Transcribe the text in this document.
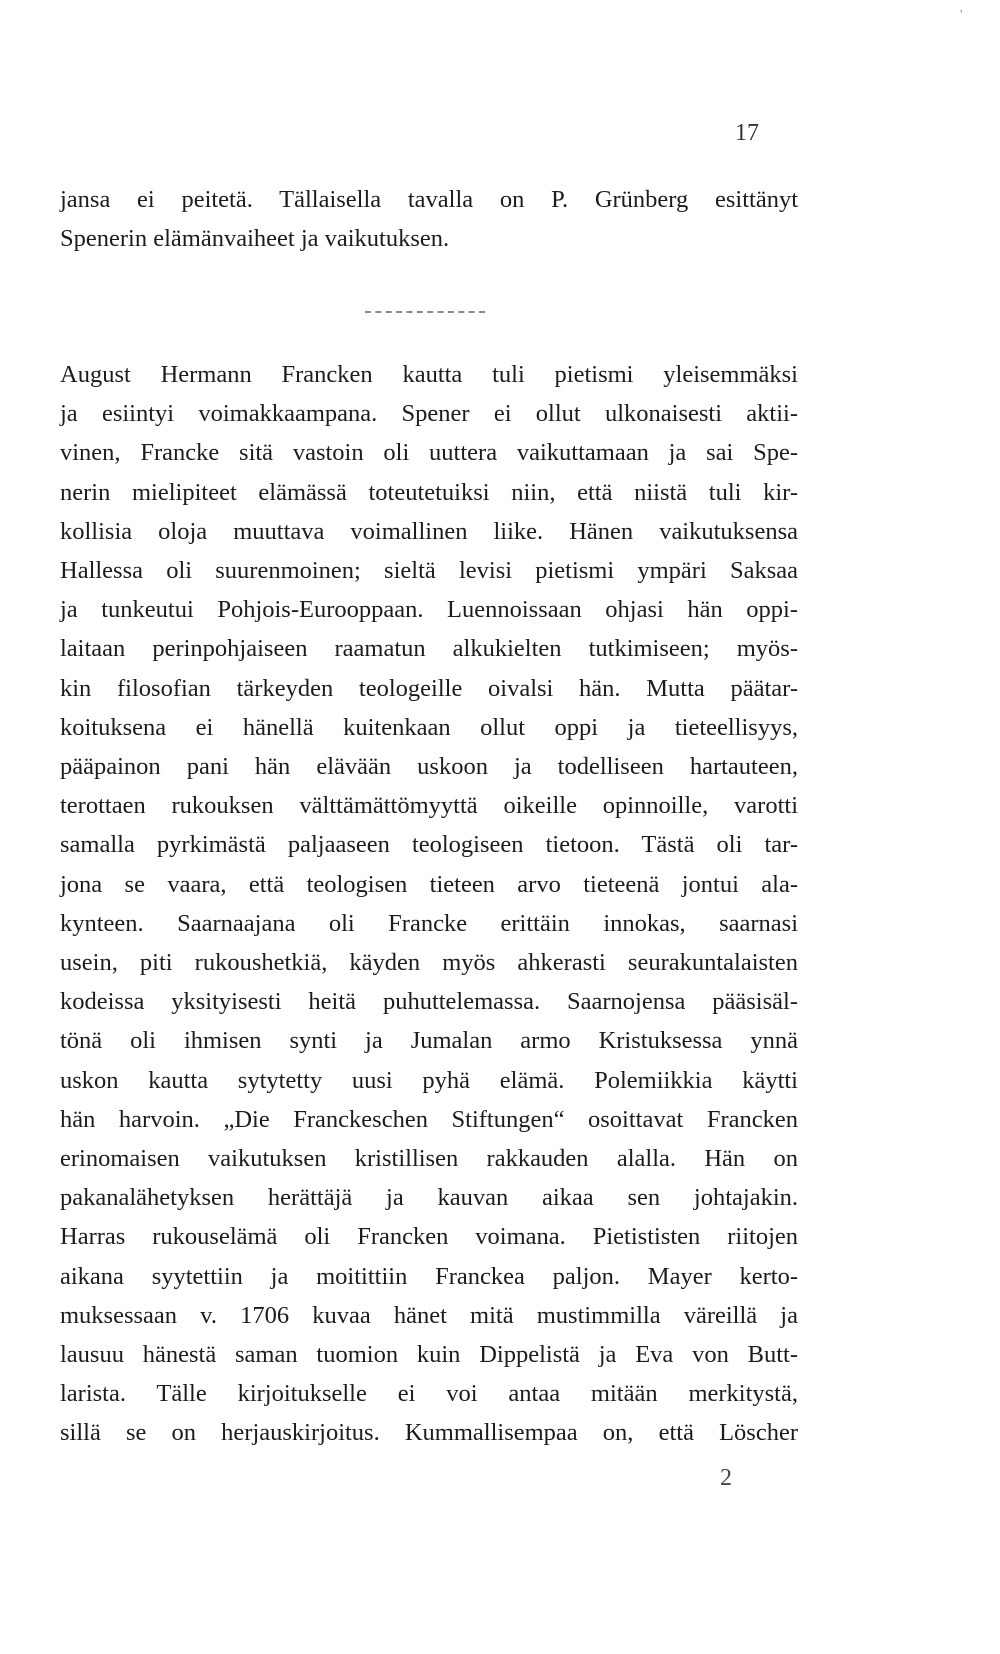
'
17

jansa ei peitetä. Tällaisella tavalla on P. Grünberg esittänyt
Spenerin elämänvaiheet ja vaikutuksen.

August Hermann Francken kautta tuli pietismi yleisemmäksi
ja esiintyi voimakkaampana. Spener ei ollut ulkonaisesti aktii-
vinen, Francke sitä vastoin oli uuttera vaikuttamaan ja sai Spe-
nerin mielipiteet elämässä toteutetuiksi niin, että niistä tuli kir-
kollisia oloja muuttava voimallinen liike. Hänen vaikutuksensa
Hallessa oli suurenmoinen; sieltä levisi pietismi ympäri Saksaa
ja tunkeutui Pohjois-Eurooppaan. Luennoissaan ohjasi hän oppi-
laitaan perinpohjaiseen raamatun alkukielten tutkimiseen; myös-
kin filosofian tärkeyden teologeille oivalsi hän. Mutta päätar-
koituksena ei hänellä kuitenkaan ollut oppi ja tieteellisyys,
pääpainon pani hän elävään uskoon ja todelliseen hartauteen,
terottaen rukouksen välttämättömyyttä oikeille opinnoille, varotti
samalla pyrkimästä paljaaseen teologiseen tietoon. Tästä oli tar-
jona se vaara, että teologisen tieteen arvo tieteenä jontui ala-
kynteen. Saarnaajana oli Francke erittäin innokas, saarnasi
usein, piti rukoushetkiä, käyden myös ahkerasti seurakuntalaisten
kodeissa yksityisesti heitä puhuttelemassa. Saarnojensa pääsisäl-
tönä oli ihmisen synti ja Jumalan armo Kristuksessa ynnä
uskon kautta sytytetty uusi pyhä elämä. Polemiikkia käytti
hän harvoin. „Die Franckeschen Stiftungen“ osoittavat Francken
erinomaisen vaikutuksen kristillisen rakkauden alalla. Hän on
pakanalähetyksen herättäjä ja kauvan aikaa sen johtajakin.
Harras rukouselämä oli Francken voimana. Pietististen riitojen
aikana syytettiin ja moitittiin Franckea paljon. Mayer kerto-
muksessaan v. 1706 kuvaa hänet mitä mustimmilla väreillä ja
lausuu hänestä saman tuomion kuin Dippelistä ja Eva von Butt-
larista. Tälle kirjoitukselle ei voi antaa mitään merkitystä,
sillä se on herjauskirjoitus. Kummallisempaa on, että Löscher

2
